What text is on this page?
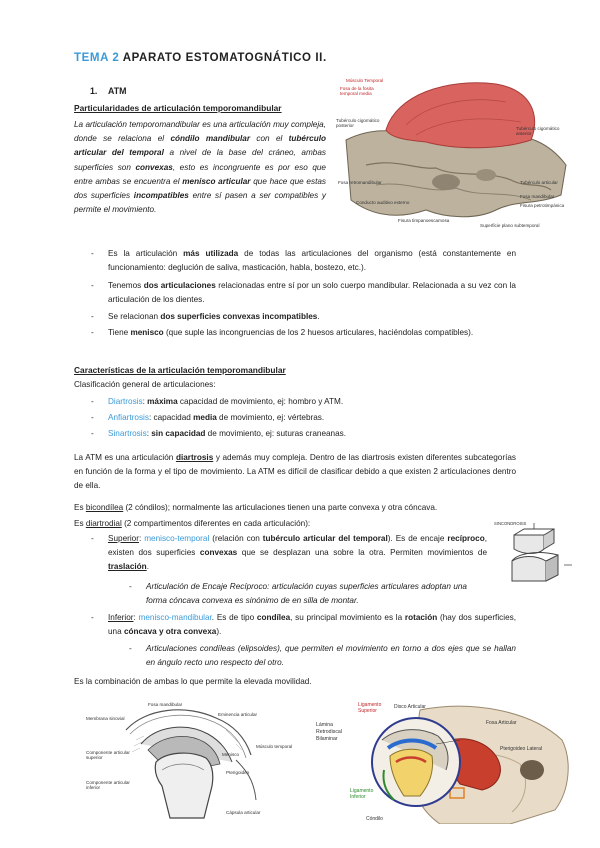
TEMA 2 APARATO ESTOMATOGNÁTICO II.
1. ATM
Particularidades de articulación temporomandibular
La articulación temporomandibular es una articulación muy compleja, donde se relaciona el cóndilo mandibular con el tubérculo articular del temporal a nivel de la base del cráneo, ambas superficies son convexas, esto es incongruente es por eso que entre ambas se encuentra el menisco articular que hace que estas dos superficies incompatibles entre sí pasen a ser compatibles y permite el movimiento.
Músculo Temporal
Fosa de la fosita temporal media
Tubérculo cigomático posterior
Tubérculo cigomático anterior
Fosa retromandibular
Conducto auditivo externo
Fisura timpanoescamosa
Tubérculo articular
Fosa mandibular
Fisura petrotimpánica
Superficie plano subtemporal
- Es la articulación más utilizada de todas las articulaciones del organismo (está constantemente en funcionamiento: deglución de saliva, masticación, habla, bostezo, etc.).
- Tenemos dos articulaciones relacionadas entre sí por un solo cuerpo mandibular. Relacionada a su vez con la articulación de los dientes.
- Se relacionan dos superficies convexas incompatibles.
- Tiene menisco (que suple las incongruencias de los 2 huesos articulares, haciéndolas compatibles).
Características de la articulación temporomandibular
Clasificación general de articulaciones:
- Diartrosis: máxima capacidad de movimiento, ej: hombro y ATM.
- Anfiartrosis: capacidad media de movimiento, ej: vértebras.
- Sinartrosis: sin capacidad de movimiento, ej: suturas craneanas.
La ATM es una articulación diartrosis y además muy compleja. Dentro de las diartrosis existen diferentes subcategorías en función de la forma y el tipo de movimiento. La ATM es difícil de clasificar debido a que existen 2 articulaciones dentro de ella.
Es bicondílea (2 cóndilos); normalmente las articulaciones tienen una parte convexa y otra cóncava.
Es diartrodial (2 compartimentos diferentes en cada articulación):
- Superior: menisco-temporal (relación con tubérculo articular del temporal). Es de encaje recíproco, existen dos superficies convexas que se desplazan una sobre la otra. Permiten movimientos de traslación.
- Articulación de Encaje Recíproco: articulación cuyas superficies articulares adoptan una forma cóncava convexa es sinónimo de en silla de montar.
SINCONDROSIS
- Inferior: menisco-mandibular. Es de tipo condílea, su principal movimiento es la rotación (hay dos superficies, una cóncava y otra convexa).
- Articulaciones condíleas (elipsoides), que permiten el movimiento en torno a dos ejes que se hallan en ángulo recto uno respecto del otro.
Es la combinación de ambas lo que permite la elevada movilidad.
Fosa mandibular
Membrana sinovial
Eminencia articular
Componente articular superior
Menisco
Músculo temporal
Pterigoideo
Componente articular inferior
Cápsula articular
Ligamento Superior
Disco Articular
Fosa Articular
Lámina Retrodiscal Bilaminar
Pterigoideo Lateral
Ligamento Inferior
Cóndilo
